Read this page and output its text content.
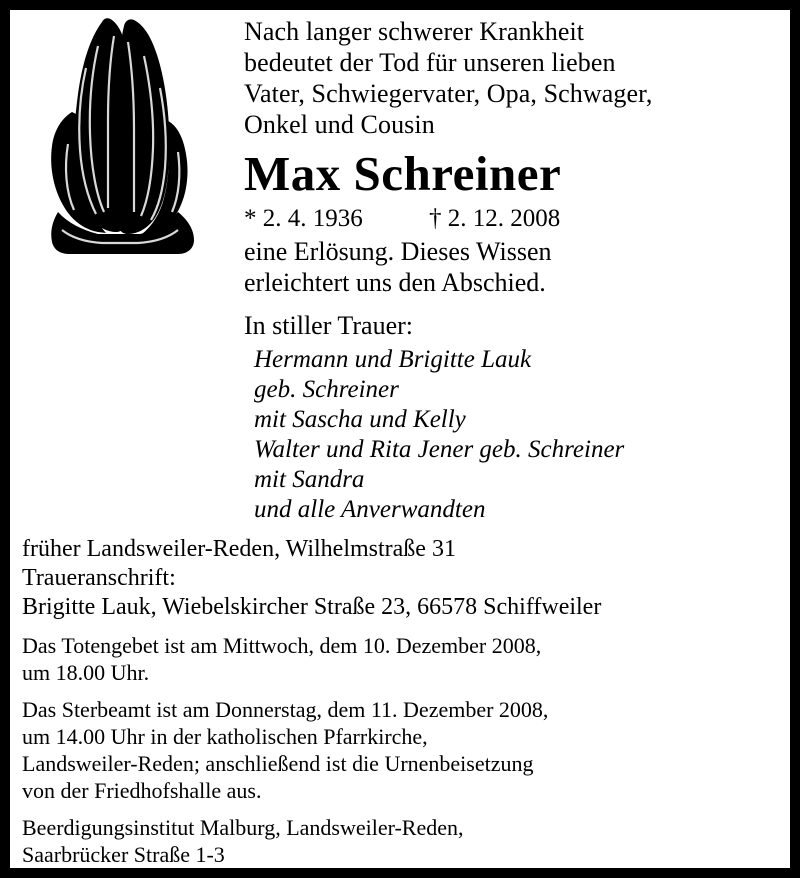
Nach langer schwerer Krankheit
bedeutet der Tod für unseren lieben
Vater, Schwiegervater, Opa, Schwager,
Onkel und Cousin
Max Schreiner
* 2. 4. 1936	† 2. 12. 2008
eine Erlösung. Dieses Wissen
erleichtert uns den Abschied.
In stiller Trauer:
Hermann und Brigitte Lauk
geb. Schreiner
mit Sascha und Kelly
Walter und Rita Jener geb. Schreiner
mit Sandra
und alle Anverwandten
früher Landsweiler-Reden, Wilhelmstraße 31
Traueranschrift:
Brigitte Lauk, Wiebelskircher Straße 23, 66578 Schiffweiler
Das Totengebet ist am Mittwoch, dem 10. Dezember 2008,
um 18.00 Uhr.
Das Sterbeamt ist am Donnerstag, dem 11. Dezember 2008,
um 14.00 Uhr in der katholischen Pfarrkirche,
Landsweiler-Reden; anschließend ist die Urnenbeisetzung
von der Friedhofshalle aus.
Beerdigungsinstitut Malburg, Landsweiler-Reden,
Saarbrücker Straße 1-3
